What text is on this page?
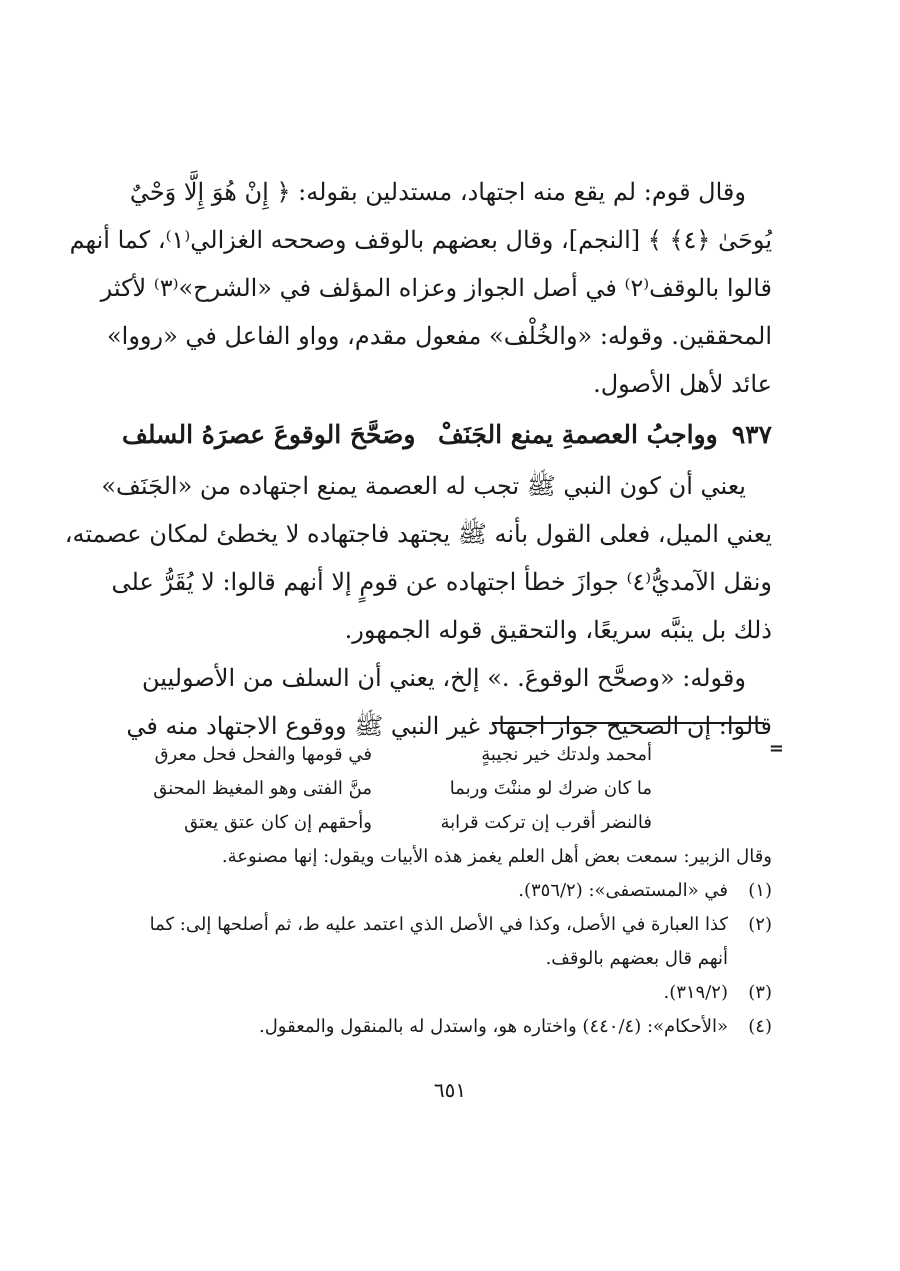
وقال قوم: لم يقع منه اجتهاد، مستدلين بقوله: ﴿ إِنْ هُوَ إِلَّا وَحْيٌ
يُوحَىٰ ﴿٤﴾ ﴾ [النجم]، وقال بعضهم بالوقف وصححه الغزالي⁽١⁾، كما أنهم
قالوا بالوقف⁽٢⁾ في أصل الجواز وعزاه المؤلف في «الشرح»⁽٣⁾ لأكثر
المحققين. وقوله: «والخُلْف» مفعول مقدم، وواو الفاعل في «رووا»
عائد لأهل الأصول.
٩٣٧وواجبُ العصمةِ يمنع الجَنَفْ
وصَحَّحَ الوقوعَ عصرَهُ السلف
يعني أن كون النبي ﷺ تجب له العصمة يمنع اجتهاده من «الجَنَف»
يعني الميل، فعلى القول بأنه ﷺ يجتهد فاجتهاده لا يخطئ لمكان عصمته،
ونقل الآمديُّ⁽٤⁾ جوازَ خطأ اجتهاده عن قومٍ إلا أنهم قالوا: لا يُقَرُّ على
ذلك بل ينبَّه سريعًا، والتحقيق قوله الجمهور.
وقوله: «وصحَّح الوقوعَ. .» إلخ، يعني أن السلف من الأصوليين
قالوا: إن الصحيح جواز اجتهاد غير النبي ﷺ ووقوع الاجتهاد منه في
=
أمحمد ولدتك خير نجيبةٍ
في قومها والفحل فحل معرق
ما كان ضرك لو مننْتَ وربما
منَّ الفتى وهو المغيظ المحنق
فالنضر أقرب إن تركت قرابة
وأحقهم إن كان عتق يعتق
وقال الزبير: سمعت بعض أهل العلم يغمز هذه الأبيات ويقول: إنها مصنوعة.
(١)
في «المستصفى»: (٣٥٦/٢).
(٢)
كذا العبارة في الأصل، وكذا في الأصل الذي اعتمد عليه ط، ثم أصلحها إلى: كما
أنهم قال بعضهم بالوقف.
(٣)
(٣١٩/٢).
(٤)
«الأحكام»: (٤٤٠/٤) واختاره هو، واستدل له بالمنقول والمعقول.
٦٥١
